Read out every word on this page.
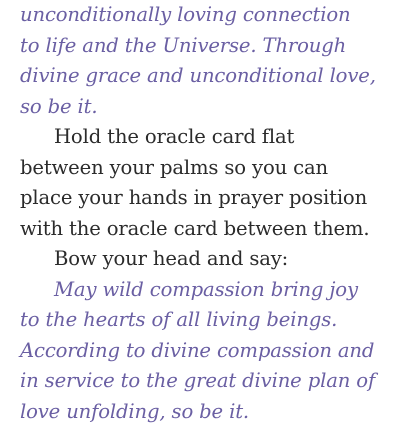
unconditionally loving connection
to life and the Universe. Through
divine grace and unconditional love,
so be it.
Hold the oracle card flat
between your palms so you can
place your hands in prayer position
with the oracle card between them.
Bow your head and say:
May wild compassion bring joy
to the hearts of all living beings.
According to divine compassion and
in service to the great divine plan of
love unfolding, so be it.
